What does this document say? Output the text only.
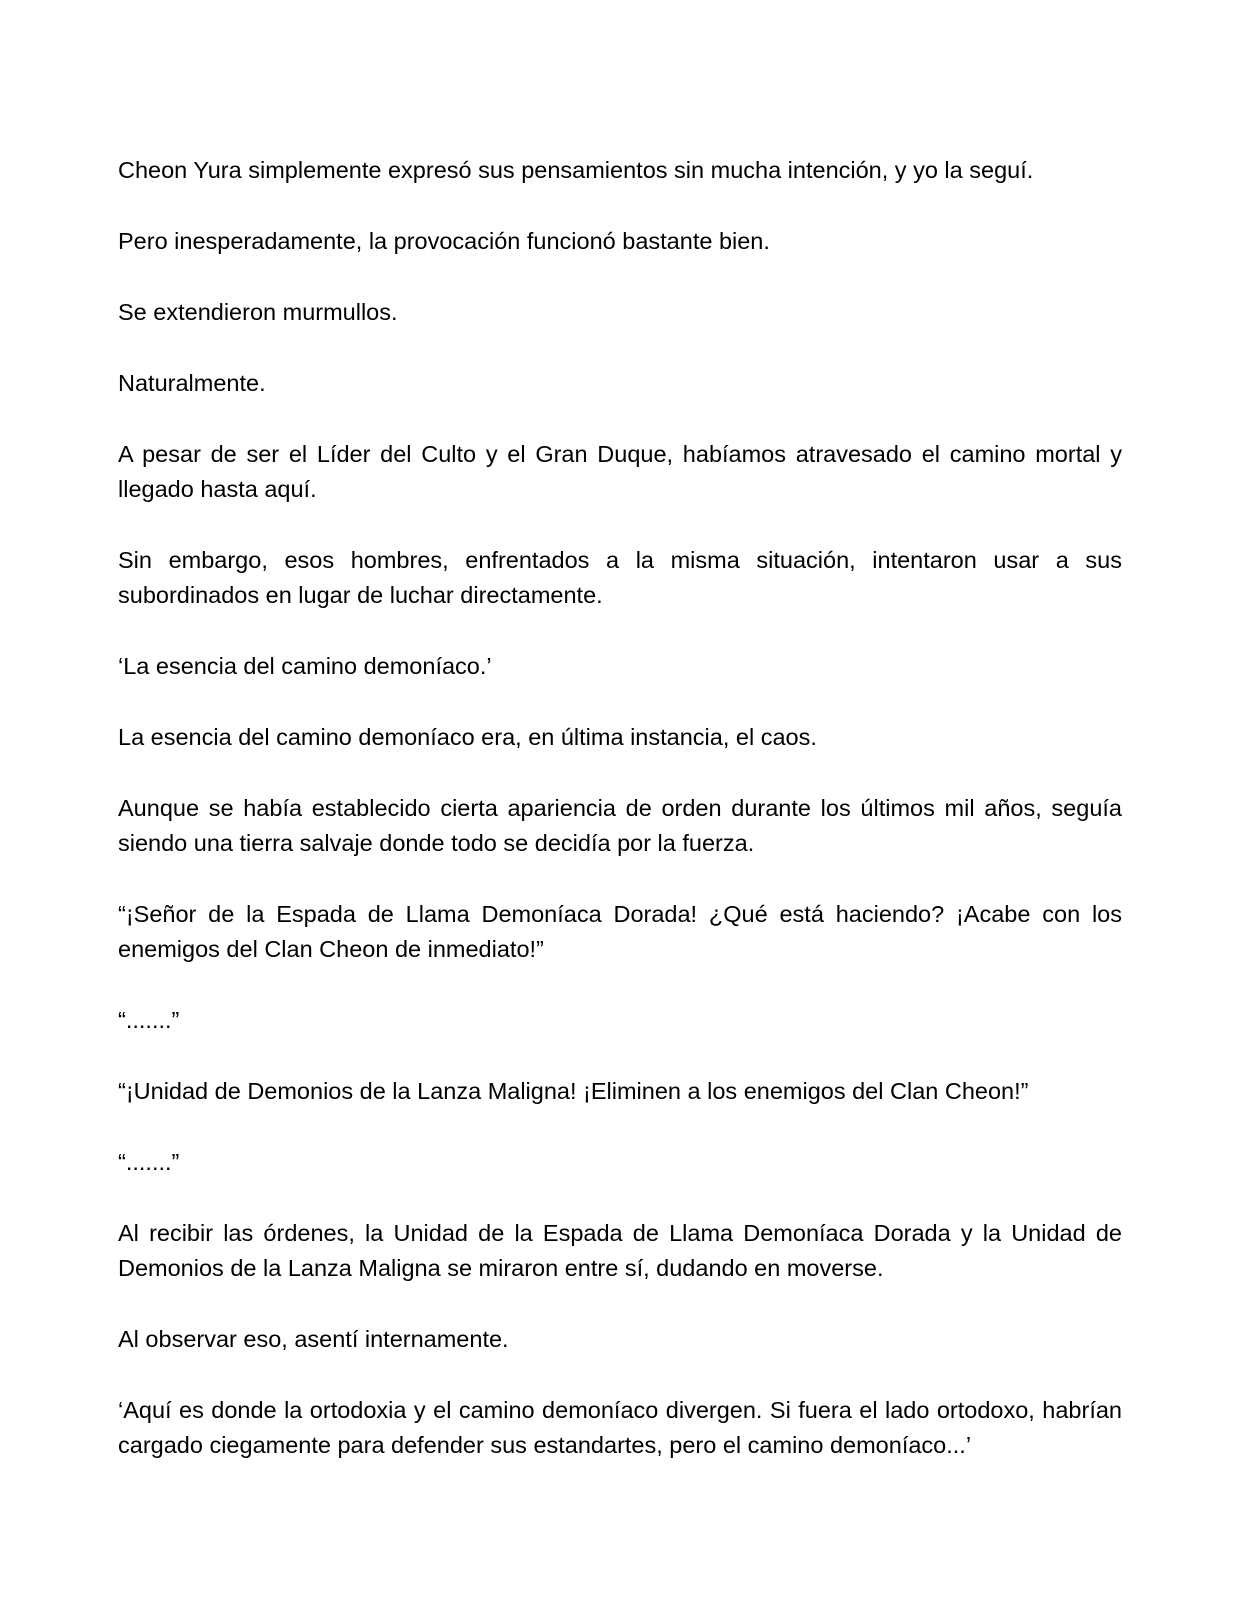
Cheon Yura simplemente expresó sus pensamientos sin mucha intención, y yo la seguí.

Pero inesperadamente, la provocación funcionó bastante bien.

Se extendieron murmullos.

Naturalmente.

A pesar de ser el Líder del Culto y el Gran Duque, habíamos atravesado el camino mortal y llegado hasta aquí.

Sin embargo, esos hombres, enfrentados a la misma situación, intentaron usar a sus subordinados en lugar de luchar directamente.

‘La esencia del camino demoníaco.’

La esencia del camino demoníaco era, en última instancia, el caos.

Aunque se había establecido cierta apariencia de orden durante los últimos mil años, seguía siendo una tierra salvaje donde todo se decidía por la fuerza.

“¡Señor de la Espada de Llama Demoníaca Dorada! ¿Qué está haciendo? ¡Acabe con los enemigos del Clan Cheon de inmediato!”

“.......”

“¡Unidad de Demonios de la Lanza Maligna! ¡Eliminen a los enemigos del Clan Cheon!”

“.......”

Al recibir las órdenes, la Unidad de la Espada de Llama Demoníaca Dorada y la Unidad de Demonios de la Lanza Maligna se miraron entre sí, dudando en moverse.

Al observar eso, asentí internamente.

‘Aquí es donde la ortodoxia y el camino demoníaco divergen. Si fuera el lado ortodoxo, habrían cargado ciegamente para defender sus estandartes, pero el camino demoníaco...’
